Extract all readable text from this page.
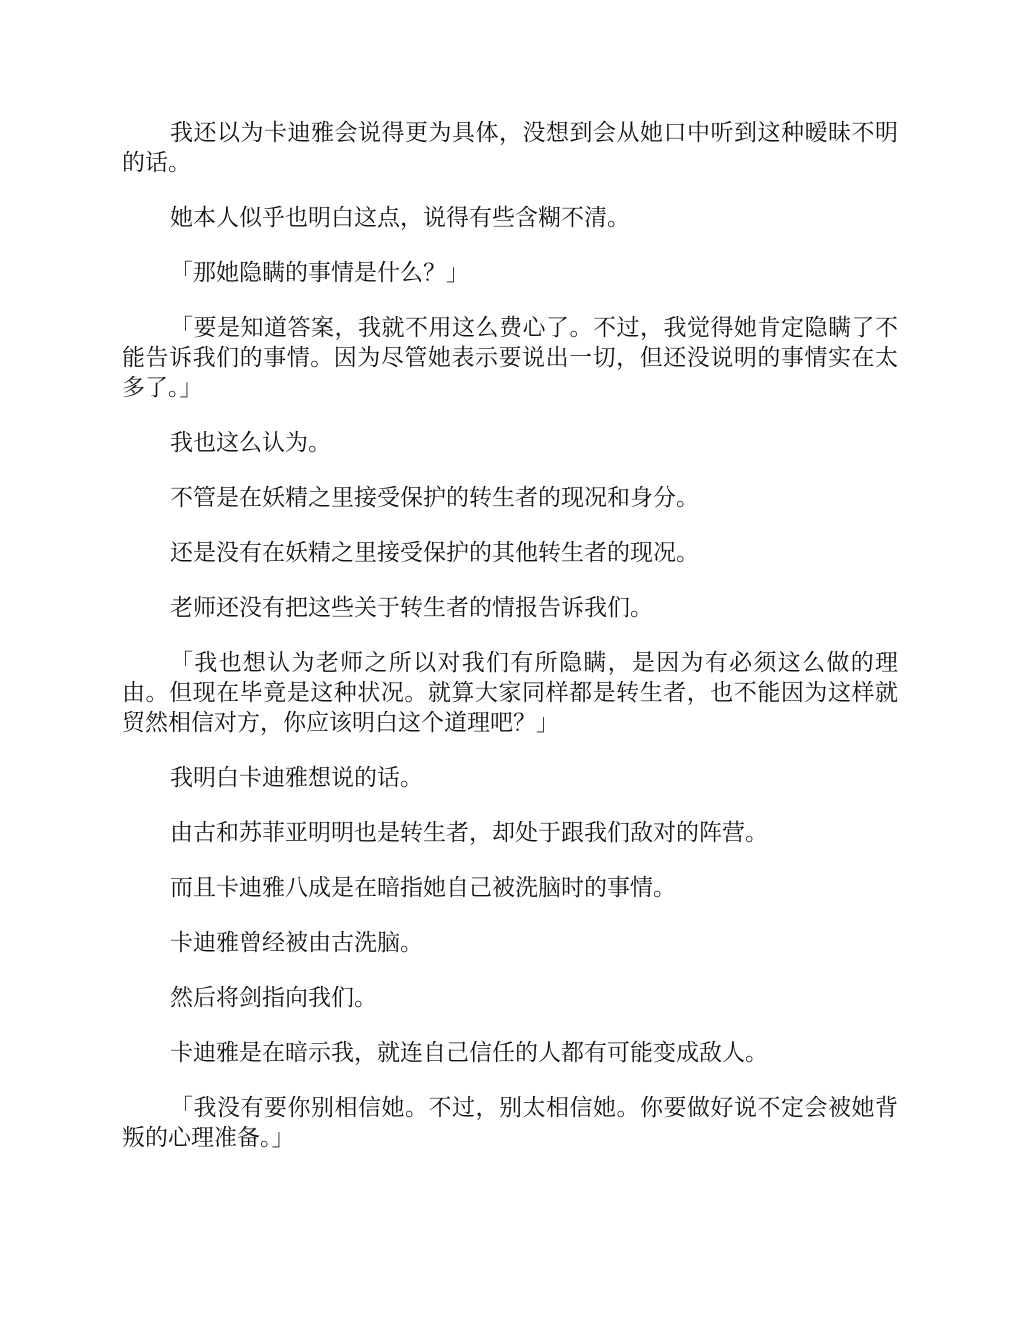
我还以为卡迪雅会说得更为具体，没想到会从她口中听到这种暧昧不明的话。

她本人似乎也明白这点，说得有些含糊不清。

「那她隐瞒的事情是什么？」

「要是知道答案，我就不用这么费心了。不过，我觉得她肯定隐瞒了不能告诉我们的事情。因为尽管她表示要说出一切，但还没说明的事情实在太多了。」

我也这么认为。

不管是在妖精之里接受保护的转生者的现况和身分。

还是没有在妖精之里接受保护的其他转生者的现况。

老师还没有把这些关于转生者的情报告诉我们。

「我也想认为老师之所以对我们有所隐瞒，是因为有必须这么做的理由。但现在毕竟是这种状况。就算大家同样都是转生者，也不能因为这样就贸然相信对方，你应该明白这个道理吧？」

我明白卡迪雅想说的话。

由古和苏菲亚明明也是转生者，却处于跟我们敌对的阵营。

而且卡迪雅八成是在暗指她自己被洗脑时的事情。

卡迪雅曾经被由古洗脑。

然后将剑指向我们。

卡迪雅是在暗示我，就连自己信任的人都有可能变成敌人。

「我没有要你别相信她。不过，别太相信她。你要做好说不定会被她背叛的心理准备。」
